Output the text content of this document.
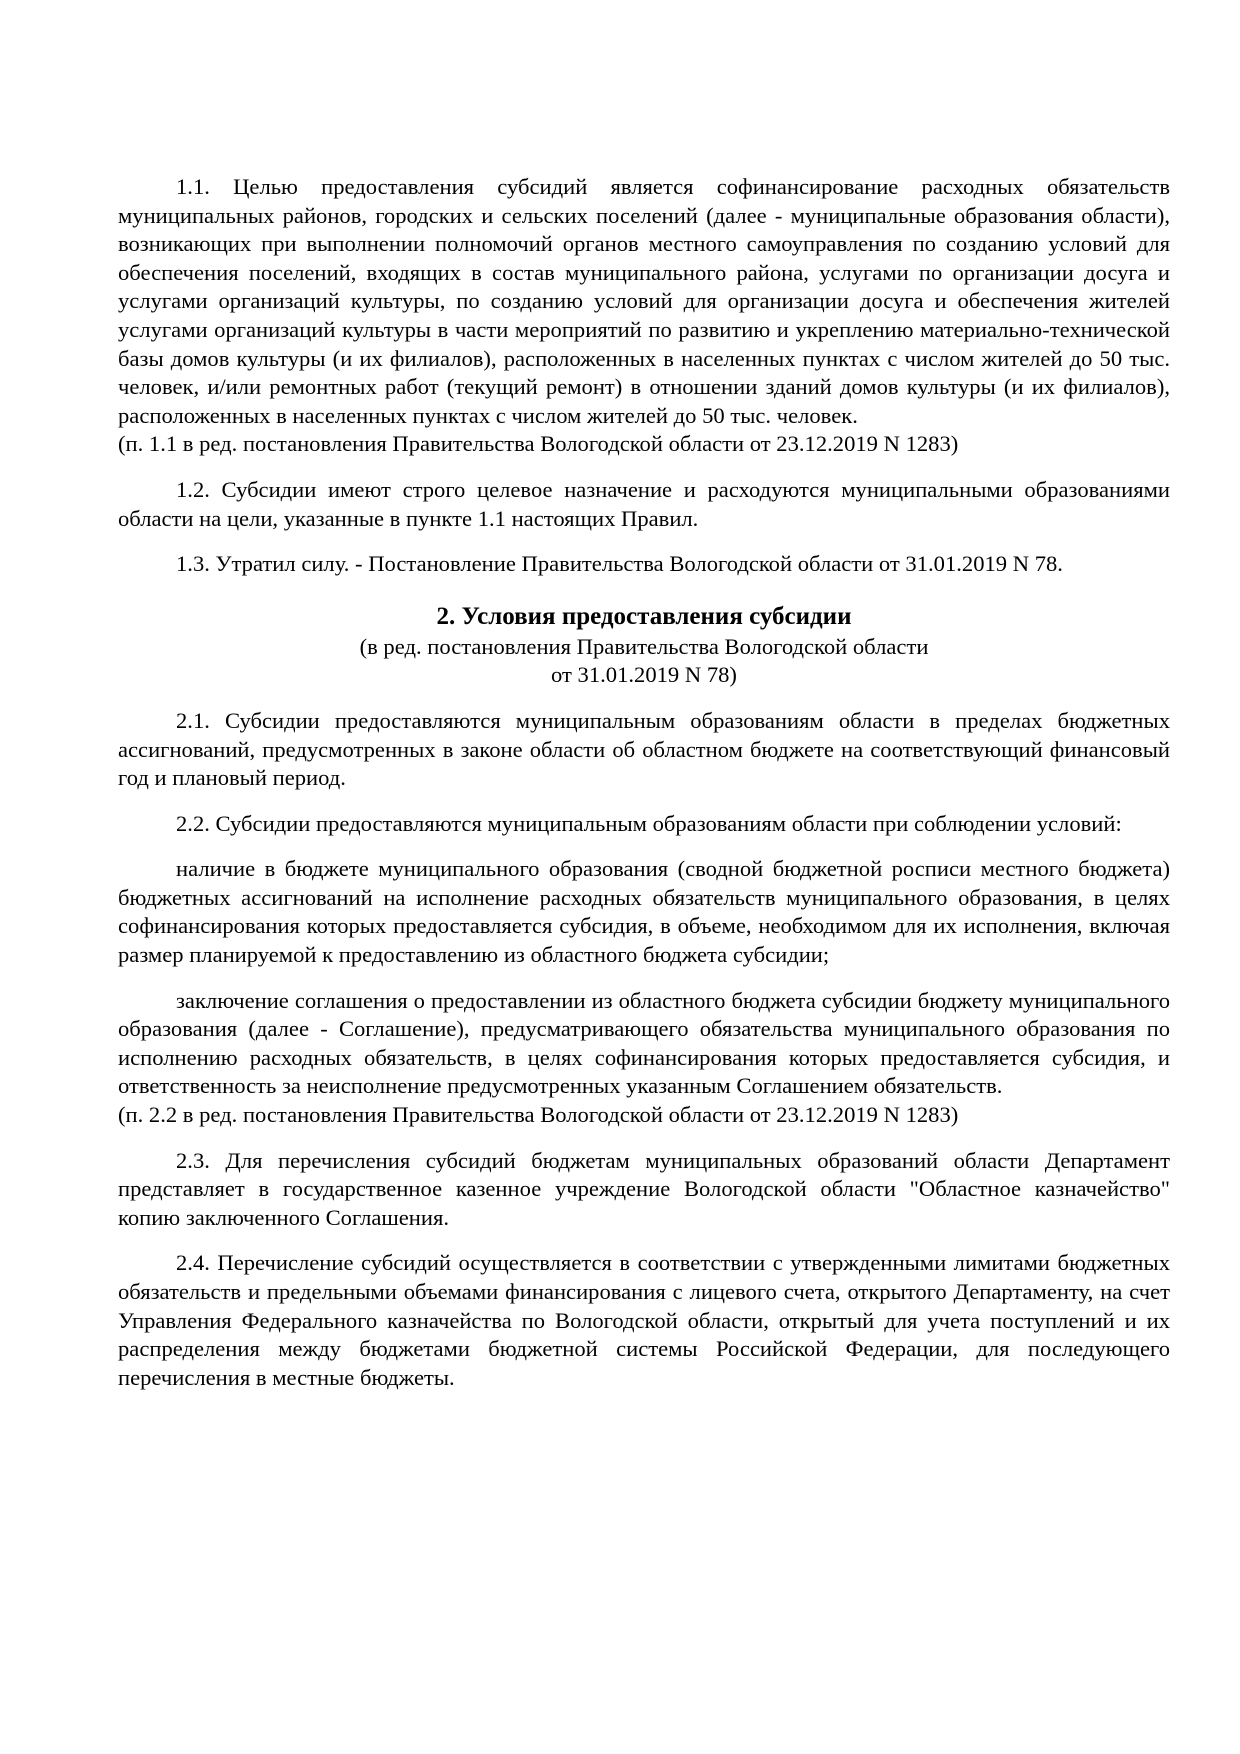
1.1. Целью предоставления субсидий является софинансирование расходных обязательств муниципальных районов, городских и сельских поселений (далее - муниципальные образования области), возникающих при выполнении полномочий органов местного самоуправления по созданию условий для обеспечения поселений, входящих в состав муниципального района, услугами по организации досуга и услугами организаций культуры, по созданию условий для организации досуга и обеспечения жителей услугами организаций культуры в части мероприятий по развитию и укреплению материально-технической базы домов культуры (и их филиалов), расположенных в населенных пунктах с числом жителей до 50 тыс. человек, и/или ремонтных работ (текущий ремонт) в отношении зданий домов культуры (и их филиалов), расположенных в населенных пунктах с числом жителей до 50 тыс. человек.

(п. 1.1 в ред. постановления Правительства Вологодской области от 23.12.2019 N 1283)

1.2. Субсидии имеют строго целевое назначение и расходуются муниципальными образованиями области на цели, указанные в пункте 1.1 настоящих Правил.

1.3. Утратил силу. - Постановление Правительства Вологодской области от 31.01.2019 N 78.

2. Условия предоставления субсидии

(в ред. постановления Правительства Вологодской области

от 31.01.2019 N 78)

2.1. Субсидии предоставляются муниципальным образованиям области в пределах бюджетных ассигнований, предусмотренных в законе области об областном бюджете на соответствующий финансовый год и плановый период.

2.2. Субсидии предоставляются муниципальным образованиям области при соблюдении условий:

наличие в бюджете муниципального образования (сводной бюджетной росписи местного бюджета) бюджетных ассигнований на исполнение расходных обязательств муниципального образования, в целях софинансирования которых предоставляется субсидия, в объеме, необходимом для их исполнения, включая размер планируемой к предоставлению из областного бюджета субсидии;

заключение соглашения о предоставлении из областного бюджета субсидии бюджету муниципального образования (далее - Соглашение), предусматривающего обязательства муниципального образования по исполнению расходных обязательств, в целях софинансирования которых предоставляется субсидия, и ответственность за неисполнение предусмотренных указанным Соглашением обязательств.

(п. 2.2 в ред. постановления Правительства Вологодской области от 23.12.2019 N 1283)

2.3. Для перечисления субсидий бюджетам муниципальных образований области Департамент представляет в государственное казенное учреждение Вологодской области "Областное казначейство" копию заключенного Соглашения.

2.4. Перечисление субсидий осуществляется в соответствии с утвержденными лимитами бюджетных обязательств и предельными объемами финансирования с лицевого счета, открытого Департаменту, на счет Управления Федерального казначейства по Вологодской области, открытый для учета поступлений и их распределения между бюджетами бюджетной системы Российской Федерации, для последующего перечисления в местные бюджеты.
